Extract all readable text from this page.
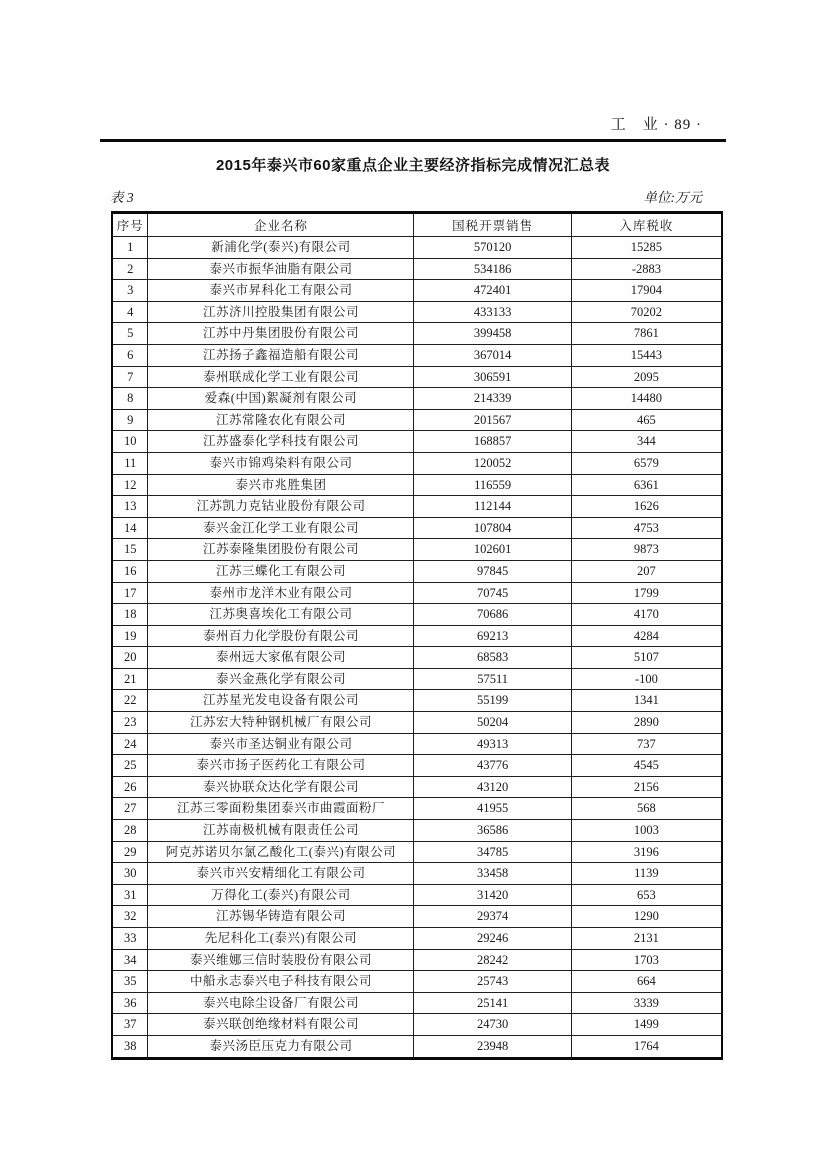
工　业 · 89 ·
2015年泰兴市60家重点企业主要经济指标完成情况汇总表
表 3	单位:万元
序号	企业名称	国税开票销售	入库税收
1	新浦化学(泰兴)有限公司	570120	15285
2	泰兴市振华油脂有限公司	534186	-2883
3	泰兴市昇科化工有限公司	472401	17904
4	江苏济川控股集团有限公司	433133	70202
5	江苏中丹集团股份有限公司	399458	7861
6	江苏扬子鑫福造船有限公司	367014	15443
7	泰州联成化学工业有限公司	306591	2095
8	爱森(中国)絮凝剂有限公司	214339	14480
9	江苏常隆农化有限公司	201567	465
10	江苏盛泰化学科技有限公司	168857	344
11	泰兴市锦鸡染料有限公司	120052	6579
12	泰兴市兆胜集团	116559	6361
13	江苏凯力克钴业股份有限公司	112144	1626
14	泰兴金江化学工业有限公司	107804	4753
15	江苏泰隆集团股份有限公司	102601	9873
16	江苏三蝶化工有限公司	97845	207
17	泰州市龙洋木业有限公司	70745	1799
18	江苏奥喜埃化工有限公司	70686	4170
19	泰州百力化学股份有限公司	69213	4284
20	泰州远大家俬有限公司	68583	5107
21	泰兴金燕化学有限公司	57511	-100
22	江苏星光发电设备有限公司	55199	1341
23	江苏宏大特种钢机械厂有限公司	50204	2890
24	泰兴市圣达铜业有限公司	49313	737
25	泰兴市扬子医药化工有限公司	43776	4545
26	泰兴协联众达化学有限公司	43120	2156
27	江苏三零面粉集团泰兴市曲霞面粉厂	41955	568
28	江苏南极机械有限责任公司	36586	1003
29	阿克苏诺贝尔氯乙酸化工(泰兴)有限公司	34785	3196
30	泰兴市兴安精细化工有限公司	33458	1139
31	万得化工(泰兴)有限公司	31420	653
32	江苏锡华铸造有限公司	29374	1290
33	先尼科化工(泰兴)有限公司	29246	2131
34	泰兴维娜三信时装股份有限公司	28242	1703
35	中船永志泰兴电子科技有限公司	25743	664
36	泰兴电除尘设备厂有限公司	25141	3339
37	泰兴联创绝缘材料有限公司	24730	1499
38	泰兴汤臣压克力有限公司	23948	1764
